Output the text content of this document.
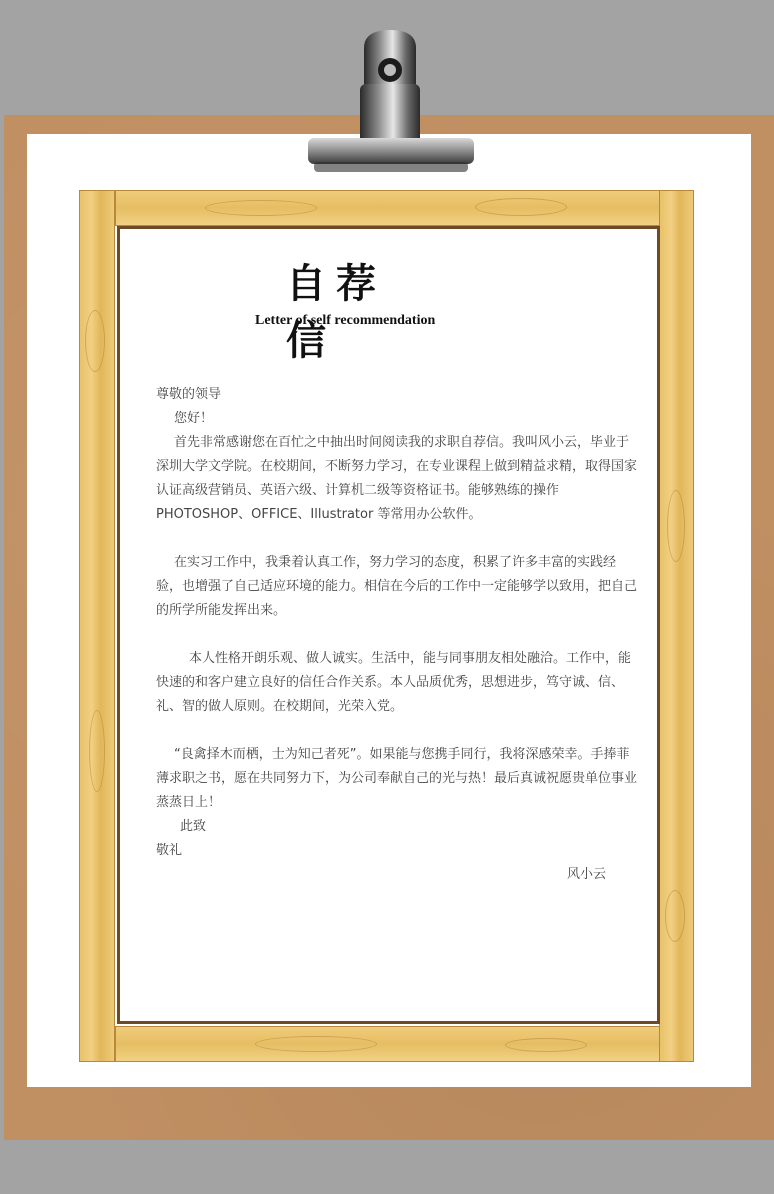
自荐信
Letter of self recommendation

尊敬的领导

您好！

首先非常感谢您在百忙之中抽出时间阅读我的求职自荐信。我叫风小云，毕业于深圳大学文学院。在校期间，不断努力学习，在专业课程上做到精益求精，取得国家认证高级营销员、英语六级、计算机二级等资格证书。能够熟练的操作 PHOTOSHOP、OFFICE、Illustrator 等常用办公软件。

在实习工作中，我秉着认真工作，努力学习的态度，积累了许多丰富的实践经验，也增强了自己适应环境的能力。相信在今后的工作中一定能够学以致用，把自己的所学所能发挥出来。

本人性格开朗乐观、做人诚实。生活中，能与同事朋友相处融洽。工作中，能快速的和客户建立良好的信任合作关系。本人品质优秀，思想进步，笃守诚、信、礼、智的做人原则。在校期间，光荣入党。

“良禽择木而栖，士为知己者死”。如果能与您携手同行，我将深感荣幸。手捧菲薄求职之书，愿在共同努力下，为公司奉献自己的光与热！最后真诚祝愿贵单位事业蒸蒸日上！

此致

敬礼

风小云
